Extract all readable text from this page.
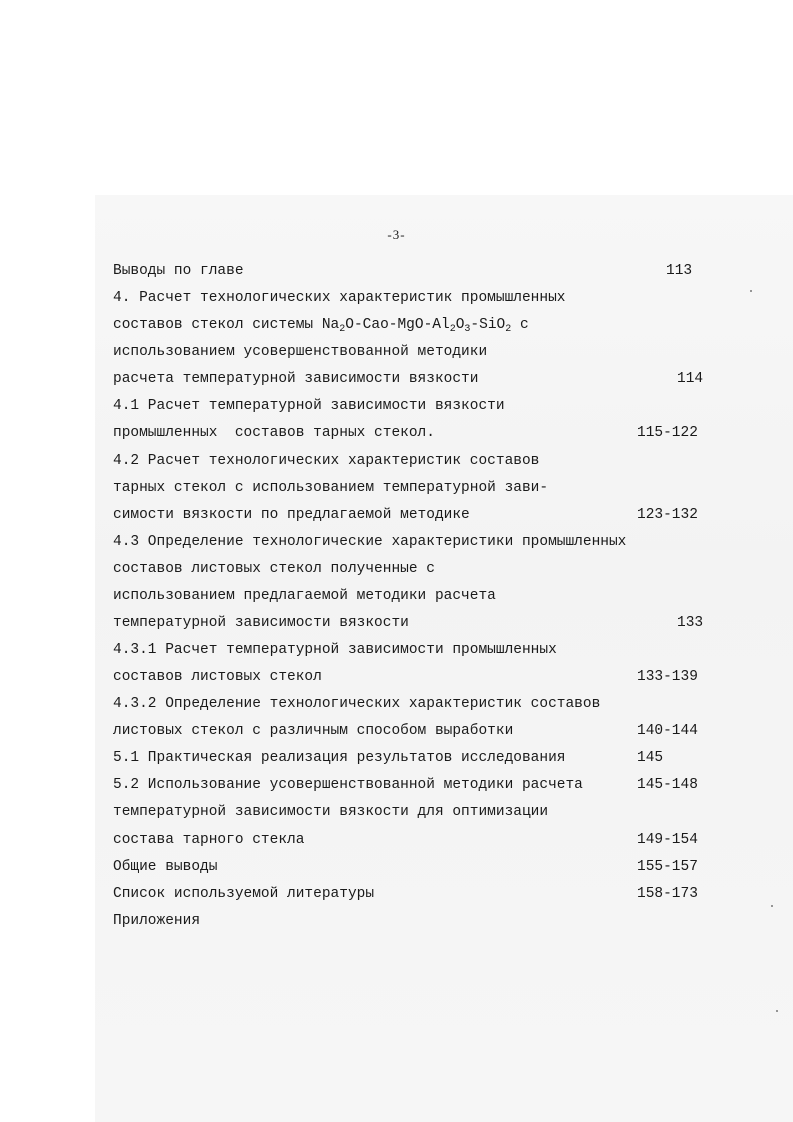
-3-
Выводы по главе	113
4. Расчет технологических характеристик промышленных
составов стекол системы $Na_2O-Cao-MgO-Al_2O_3-SiO_2$ с
использованием усовершенствованной методики
расчета температурной зависимости вязкости	114
4.1 Расчет температурной зависимости вязкости
промышленных  составов тарных стекол.	115-122
4.2 Расчет технологических характеристик составов
тарных стекол с использованием температурной зави-
симости вязкости по предлагаемой методике	123-132
4.3 Определение технологические характеристики промышленных
составов листовых стекол полученные с
использованием предлагаемой методики расчета
температурной зависимости вязкости	133
4.3.1 Расчет температурной зависимости промышленных
составов листовых стекол	133-139
4.3.2 Определение технологических характеристик составов
листовых стекол с различным способом выработки	140-144
5.1 Практическая реализация результатов исследования	145
5.2 Использование усовершенствованной методики расчета	145-148
температурной зависимости вязкости для оптимизации
состава тарного стекла	149-154
Общие выводы	155-157
Список используемой литературы	158-173
Приложения
